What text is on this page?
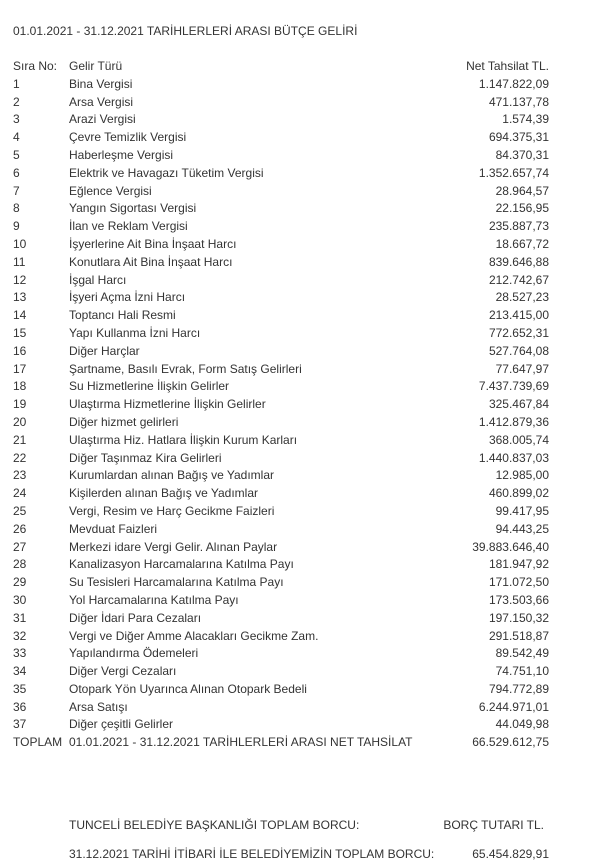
01.01.2021 - 31.12.2021 TARİHLERLERİ ARASI BÜTÇE GELİRİ
Sıra No: Gelir Türü	Net Tahsilat TL.
1	Bina Vergisi	1.147.822,09
2	Arsa Vergisi	471.137,78
3	Arazi Vergisi	1.574,39
4	Çevre Temizlik Vergisi	694.375,31
5	Haberleşme Vergisi	84.370,31
6	Elektrik ve Havagazı Tüketim Vergisi	1.352.657,74
7	Eğlence Vergisi	28.964,57
8	Yangın Sigortası Vergisi	22.156,95
9	İlan ve Reklam Vergisi	235.887,73
10	İşyerlerine Ait Bina İnşaat Harcı	18.667,72
11	Konutlara Ait Bina İnşaat Harcı	839.646,88
12	İşgal Harcı	212.742,67
13	İşyeri Açma İzni Harcı	28.527,23
14	Toptancı Hali Resmi	213.415,00
15	Yapı Kullanma İzni Harcı	772.652,31
16	Diğer Harçlar	527.764,08
17	Şartname, Basılı Evrak, Form Satış Gelirleri	77.647,97
18	Su Hizmetlerine İlişkin Gelirler	7.437.739,69
19	Ulaştırma Hizmetlerine İlişkin Gelirler	325.467,84
20	Diğer hizmet gelirleri	1.412.879,36
21	Ulaştırma Hiz. Hatlara İlişkin Kurum Karları	368.005,74
22	Diğer Taşınmaz Kira Gelirleri	1.440.837,03
23	Kurumlardan alınan Bağış ve Yadımlar	12.985,00
24	Kişilerden alınan Bağış ve Yadımlar	460.899,02
25	Vergi, Resim ve Harç Gecikme Faizleri	99.417,95
26	Mevduat Faizleri	94.443,25
27	Merkezi idare Vergi Gelir. Alınan Paylar	39.883.646,40
28	Kanalizasyon Harcamalarına Katılma Payı	181.947,92
29	Su Tesisleri Harcamalarına Katılma Payı	171.072,50
30	Yol Harcamalarına Katılma Payı	173.503,66
31	Diğer İdari Para Cezaları	197.150,32
32	Vergi ve Diğer Amme Alacakları Gecikme Zam.	291.518,87
33	Yapılandırma Ödemeleri	89.542,49
34	Diğer Vergi Cezaları	74.751,10
35	Otopark Yön Uyarınca Alınan Otopark Bedeli	794.772,89
36	Arsa Satışı	6.244.971,01
37	Diğer çeşitli Gelirler	44.049,98
TOPLAM 01.01.2021 - 31.12.2021 TARİHLERLERİ ARASI NET TAHSİLAT	66.529.612,75
TUNCELİ BELEDİYE BAŞKANLIĞI TOPLAM BORCU:	BORÇ TUTARI TL.
31.12.2021 TARİHİ İTİBARİ İLE BELEDİYEMİZİN TOPLAM BORCU:	65.454.829,91
